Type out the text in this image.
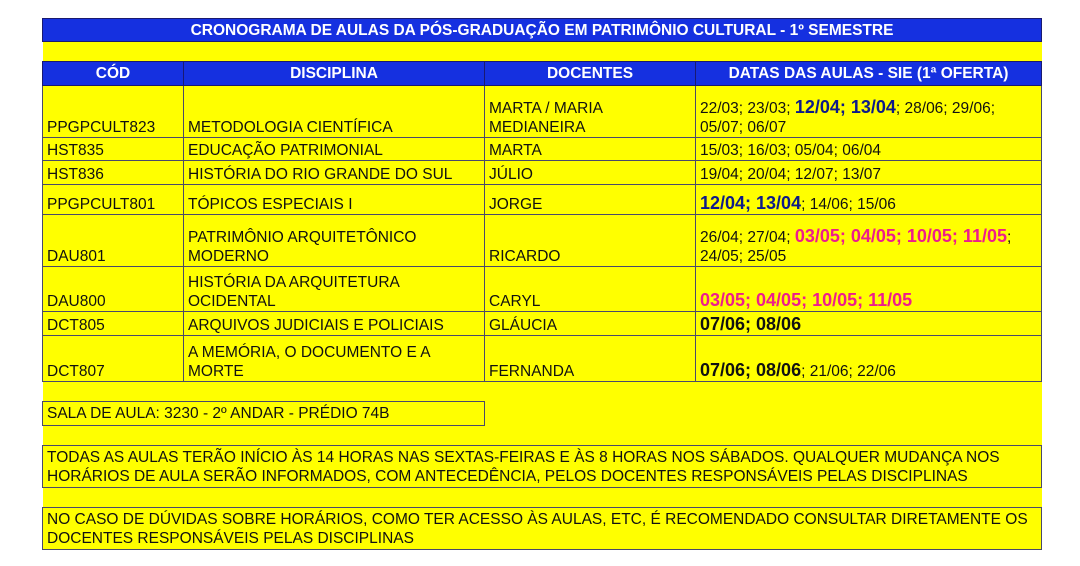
CRONOGRAMA DE AULAS DA PÓS-GRADUAÇÃO EM PATRIMÔNIO CULTURAL - 1º SEMESTRE			

CÓD	DISCIPLINA	DOCENTES	DATAS DAS AULAS - SIE (1ª OFERTA)
PPGPCULT823	METODOLOGIA CIENTÍFICA	MARTA / MARIA MEDIANEIRA	22/03; 23/03; 12/04; 13/04; 28/06; 29/06; 05/07; 06/07
HST835	EDUCAÇÃO PATRIMONIAL	MARTA	15/03; 16/03; 05/04; 06/04
HST836	HISTÓRIA DO RIO GRANDE DO SUL	JÚLIO	19/04; 20/04; 12/07; 13/07
PPGPCULT801	TÓPICOS ESPECIAIS I	JORGE	12/04; 13/04; 14/06; 15/06
DAU801	PATRIMÔNIO ARQUITETÔNICO MODERNO	RICARDO	26/04; 27/04; 03/05; 04/05; 10/05; 11/05; 24/05; 25/05
DAU800	HISTÓRIA DA ARQUITETURA OCIDENTAL	CARYL	03/05; 04/05; 10/05; 11/05
DCT805	ARQUIVOS JUDICIAIS E POLICIAIS	GLÁUCIA	07/06; 08/06
DCT807	A MEMÓRIA, O DOCUMENTO E A MORTE	FERNANDA	07/06; 08/06; 21/06; 22/06

SALA DE AULA: 3230 - 2º ANDAR - PRÉDIO 74B			

TODAS AS AULAS TERÃO INÍCIO ÀS 14 HORAS NAS SEXTAS-FEIRAS E ÀS 8 HORAS NOS SÁBADOS. QUALQUER MUDANÇA NOS HORÁRIOS DE AULA SERÃO INFORMADOS, COM ANTECEDÊNCIA, PELOS DOCENTES RESPONSÁVEIS PELAS DISCIPLINAS			

NO CASO DE DÚVIDAS SOBRE HORÁRIOS, COMO TER ACESSO ÀS AULAS, ETC, É RECOMENDADO CONSULTAR DIRETAMENTE OS DOCENTES RESPONSÁVEIS PELAS DISCIPLINAS			
